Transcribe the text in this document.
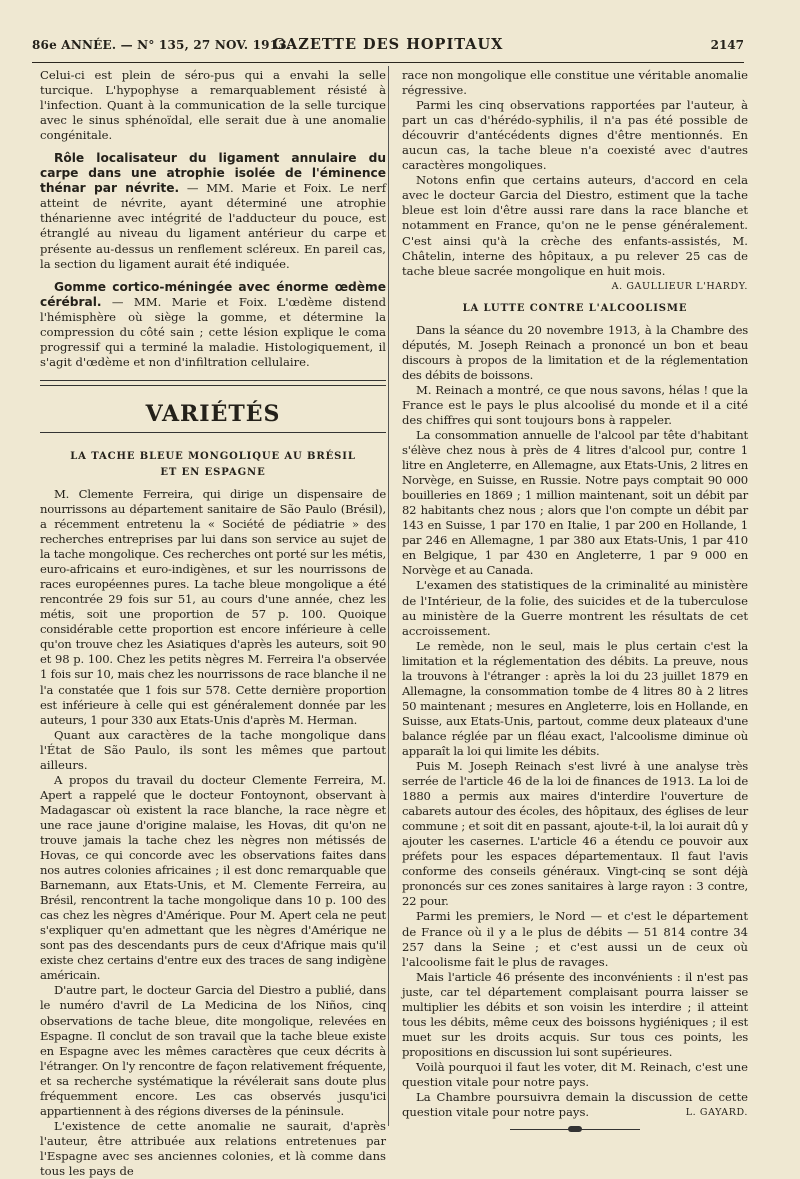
86e ANNÉE. — N° 135, 27 NOV. 1913.
GAZETTE DES HOPITAUX	2147

Celui-ci est plein de séro-pus qui a envahi la selle turcique. L'hypophyse a remarquablement résisté à l'infection. Quant à la communication de la selle turcique avec le sinus sphénoïdal, elle serait due à une anomalie congénitale.

Rôle localisateur du ligament annulaire du carpe dans une atrophie isolée de l'éminence thénar par névrite. — MM. Marie et Foix. Le nerf atteint de névrite, ayant déterminé une atrophie thénarienne avec intégrité de l'adducteur du pouce, est étranglé au niveau du ligament antérieur du carpe et présente au-dessus un renflement scléreux. En pareil cas, la section du ligament aurait été indiquée.

Gomme cortico-méningée avec énorme œdème cérébral. — MM. Marie et Foix. L'œdème distend l'hémisphère où siège la gomme, et détermine la compression du côté sain ; cette lésion explique le coma progressif qui a terminé la maladie. Histologiquement, il s'agit d'œdème et non d'infiltration cellulaire.

VARIÉTÉS
LA TACHE BLEUE MONGOLIQUE AU BRÉSIL
ET EN ESPAGNE

M. Clemente Ferreira, qui dirige un dispensaire de nourrissons au département sanitaire de São Paulo (Brésil), a récemment entretenu la « Société de pédiatrie » des recherches entreprises par lui dans son service au sujet de la tache mongolique. Ces recherches ont porté sur les métis, euro-africains et euro-indigènes, et sur les nourrissons de races européennes pures. La tache bleue mongolique a été rencontrée 29 fois sur 51, au cours d'une année, chez les métis, soit une proportion de 57 p. 100. Quoique considérable cette proportion est encore inférieure à celle qu'on trouve chez les Asiatiques d'après les auteurs, soit 90 et 98 p. 100. Chez les petits nègres M. Ferreira l'a observée 1 fois sur 10, mais chez les nourrissons de race blanche il ne l'a constatée que 1 fois sur 578. Cette dernière proportion est inférieure à celle qui est généralement donnée par les auteurs, 1 pour 330 aux Etats-Unis d'après M. Herman.

Quant aux caractères de la tache mongolique dans l'État de São Paulo, ils sont les mêmes que partout ailleurs.

A propos du travail du docteur Clemente Ferreira, M. Apert a rappelé que le docteur Fontoynont, observant à Madagascar où existent la race blanche, la race nègre et une race jaune d'origine malaise, les Hovas, dit qu'on ne trouve jamais la tache chez les nègres non métissés de Hovas, ce qui concorde avec les observations faites dans nos autres colonies africaines ; il est donc remarquable que Barnemann, aux Etats-Unis, et M. Clemente Ferreira, au Brésil, rencontrent la tache mongolique dans 10 p. 100 des cas chez les nègres d'Amérique. Pour M. Apert cela ne peut s'expliquer qu'en admettant que les nègres d'Amérique ne sont pas des descendants purs de ceux d'Afrique mais qu'il existe chez certains d'entre eux des traces de sang indigène américain.

D'autre part, le docteur Garcia del Diestro a publié, dans le numéro d'avril de La Medicina de los Niños, cinq observations de tache bleue, dite mongolique, relevées en Espagne. Il conclut de son travail que la tache bleue existe en Espagne avec les mêmes caractères que ceux décrits à l'étranger. On l'y rencontre de façon relativement fréquente, et sa recherche systématique la révélerait sans doute plus fréquemment encore. Les cas observés jusqu'ici appartiennent à des régions diverses de la péninsule.

L'existence de cette anomalie ne saurait, d'après l'auteur, être attribuée aux relations entretenues par l'Espagne avec ses anciennes colonies, et là comme dans tous les pays de

race non mongolique elle constitue une véritable anomalie régressive.

Parmi les cinq observations rapportées par l'auteur, à part un cas d'hérédo-syphilis, il n'a pas été possible de découvrir d'antécédents dignes d'être mentionnés. En aucun cas, la tache bleue n'a coexisté avec d'autres caractères mongoliques.

Notons enfin que certains auteurs, d'accord en cela avec le docteur Garcia del Diestro, estiment que la tache bleue est loin d'être aussi rare dans la race blanche et notamment en France, qu'on ne le pense généralement. C'est ainsi qu'à la crèche des enfants-assistés, M. Châtelin, interne des hôpitaux, a pu relever 25 cas de tache bleue sacrée mongolique en huit mois.
A. GAULLIEUR L'HARDY.

LA LUTTE CONTRE L'ALCOOLISME

Dans la séance du 20 novembre 1913, à la Chambre des députés, M. Joseph Reinach a prononcé un bon et beau discours à propos de la limitation et de la réglementation des débits de boissons.

M. Reinach a montré, ce que nous savons, hélas ! que la France est le pays le plus alcoolisé du monde et il a cité des chiffres qui sont toujours bons à rappeler.

La consommation annuelle de l'alcool par tête d'habitant s'élève chez nous à près de 4 litres d'alcool pur, contre 1 litre en Angleterre, en Allemagne, aux Etats-Unis, 2 litres en Norvège, en Suisse, en Russie. Notre pays comptait 90 000 bouilleries en 1869 ; 1 million maintenant, soit un débit par 82 habitants chez nous ; alors que l'on compte un débit par 143 en Suisse, 1 par 170 en Italie, 1 par 200 en Hollande, 1 par 246 en Allemagne, 1 par 380 aux Etats-Unis, 1 par 410 en Belgique, 1 par 430 en Angleterre, 1 par 9 000 en Norvège et au Canada.

L'examen des statistiques de la criminalité au ministère de l'Intérieur, de la folie, des suicides et de la tuberculose au ministère de la Guerre montrent les résultats de cet accroissement.

Le remède, non le seul, mais le plus certain c'est la limitation et la réglementation des débits. La preuve, nous la trouvons à l'étranger : après la loi du 23 juillet 1879 en Allemagne, la consommation tombe de 4 litres 80 à 2 litres 50 maintenant ; mesures en Angleterre, lois en Hollande, en Suisse, aux Etats-Unis, partout, comme deux plateaux d'une balance réglée par un fléau exact, l'alcoolisme diminue où apparaît la loi qui limite les débits.

Puis M. Joseph Reinach s'est livré à une analyse très serrée de l'article 46 de la loi de finances de 1913. La loi de 1880 a permis aux maires d'interdire l'ouverture de cabarets autour des écoles, des hôpitaux, des églises de leur commune ; et soit dit en passant, ajoute-t-il, la loi aurait dû y ajouter les casernes. L'article 46 a étendu ce pouvoir aux préfets pour les espaces départementaux. Il faut l'avis conforme des conseils généraux. Vingt-cinq se sont déjà prononcés sur ces zones sanitaires à large rayon : 3 contre, 22 pour.

Parmi les premiers, le Nord — et c'est le département de France où il y a le plus de débits — 51 814 contre 34 257 dans la Seine ; et c'est aussi un de ceux où l'alcoolisme fait le plus de ravages.

Mais l'article 46 présente des inconvénients : il n'est pas juste, car tel département complaisant pourra laisser se multiplier les débits et son voisin les interdire ; il atteint tous les débits, même ceux des boissons hygiéniques ; il est muet sur les droits acquis. Sur tous ces points, les propositions en discussion lui sont supérieures.

Voilà pourquoi il faut les voter, dit M. Reinach, c'est une question vitale pour notre pays.

La Chambre poursuivra demain la discussion de cette question vitale pour notre pays.	L. GAYARD.
